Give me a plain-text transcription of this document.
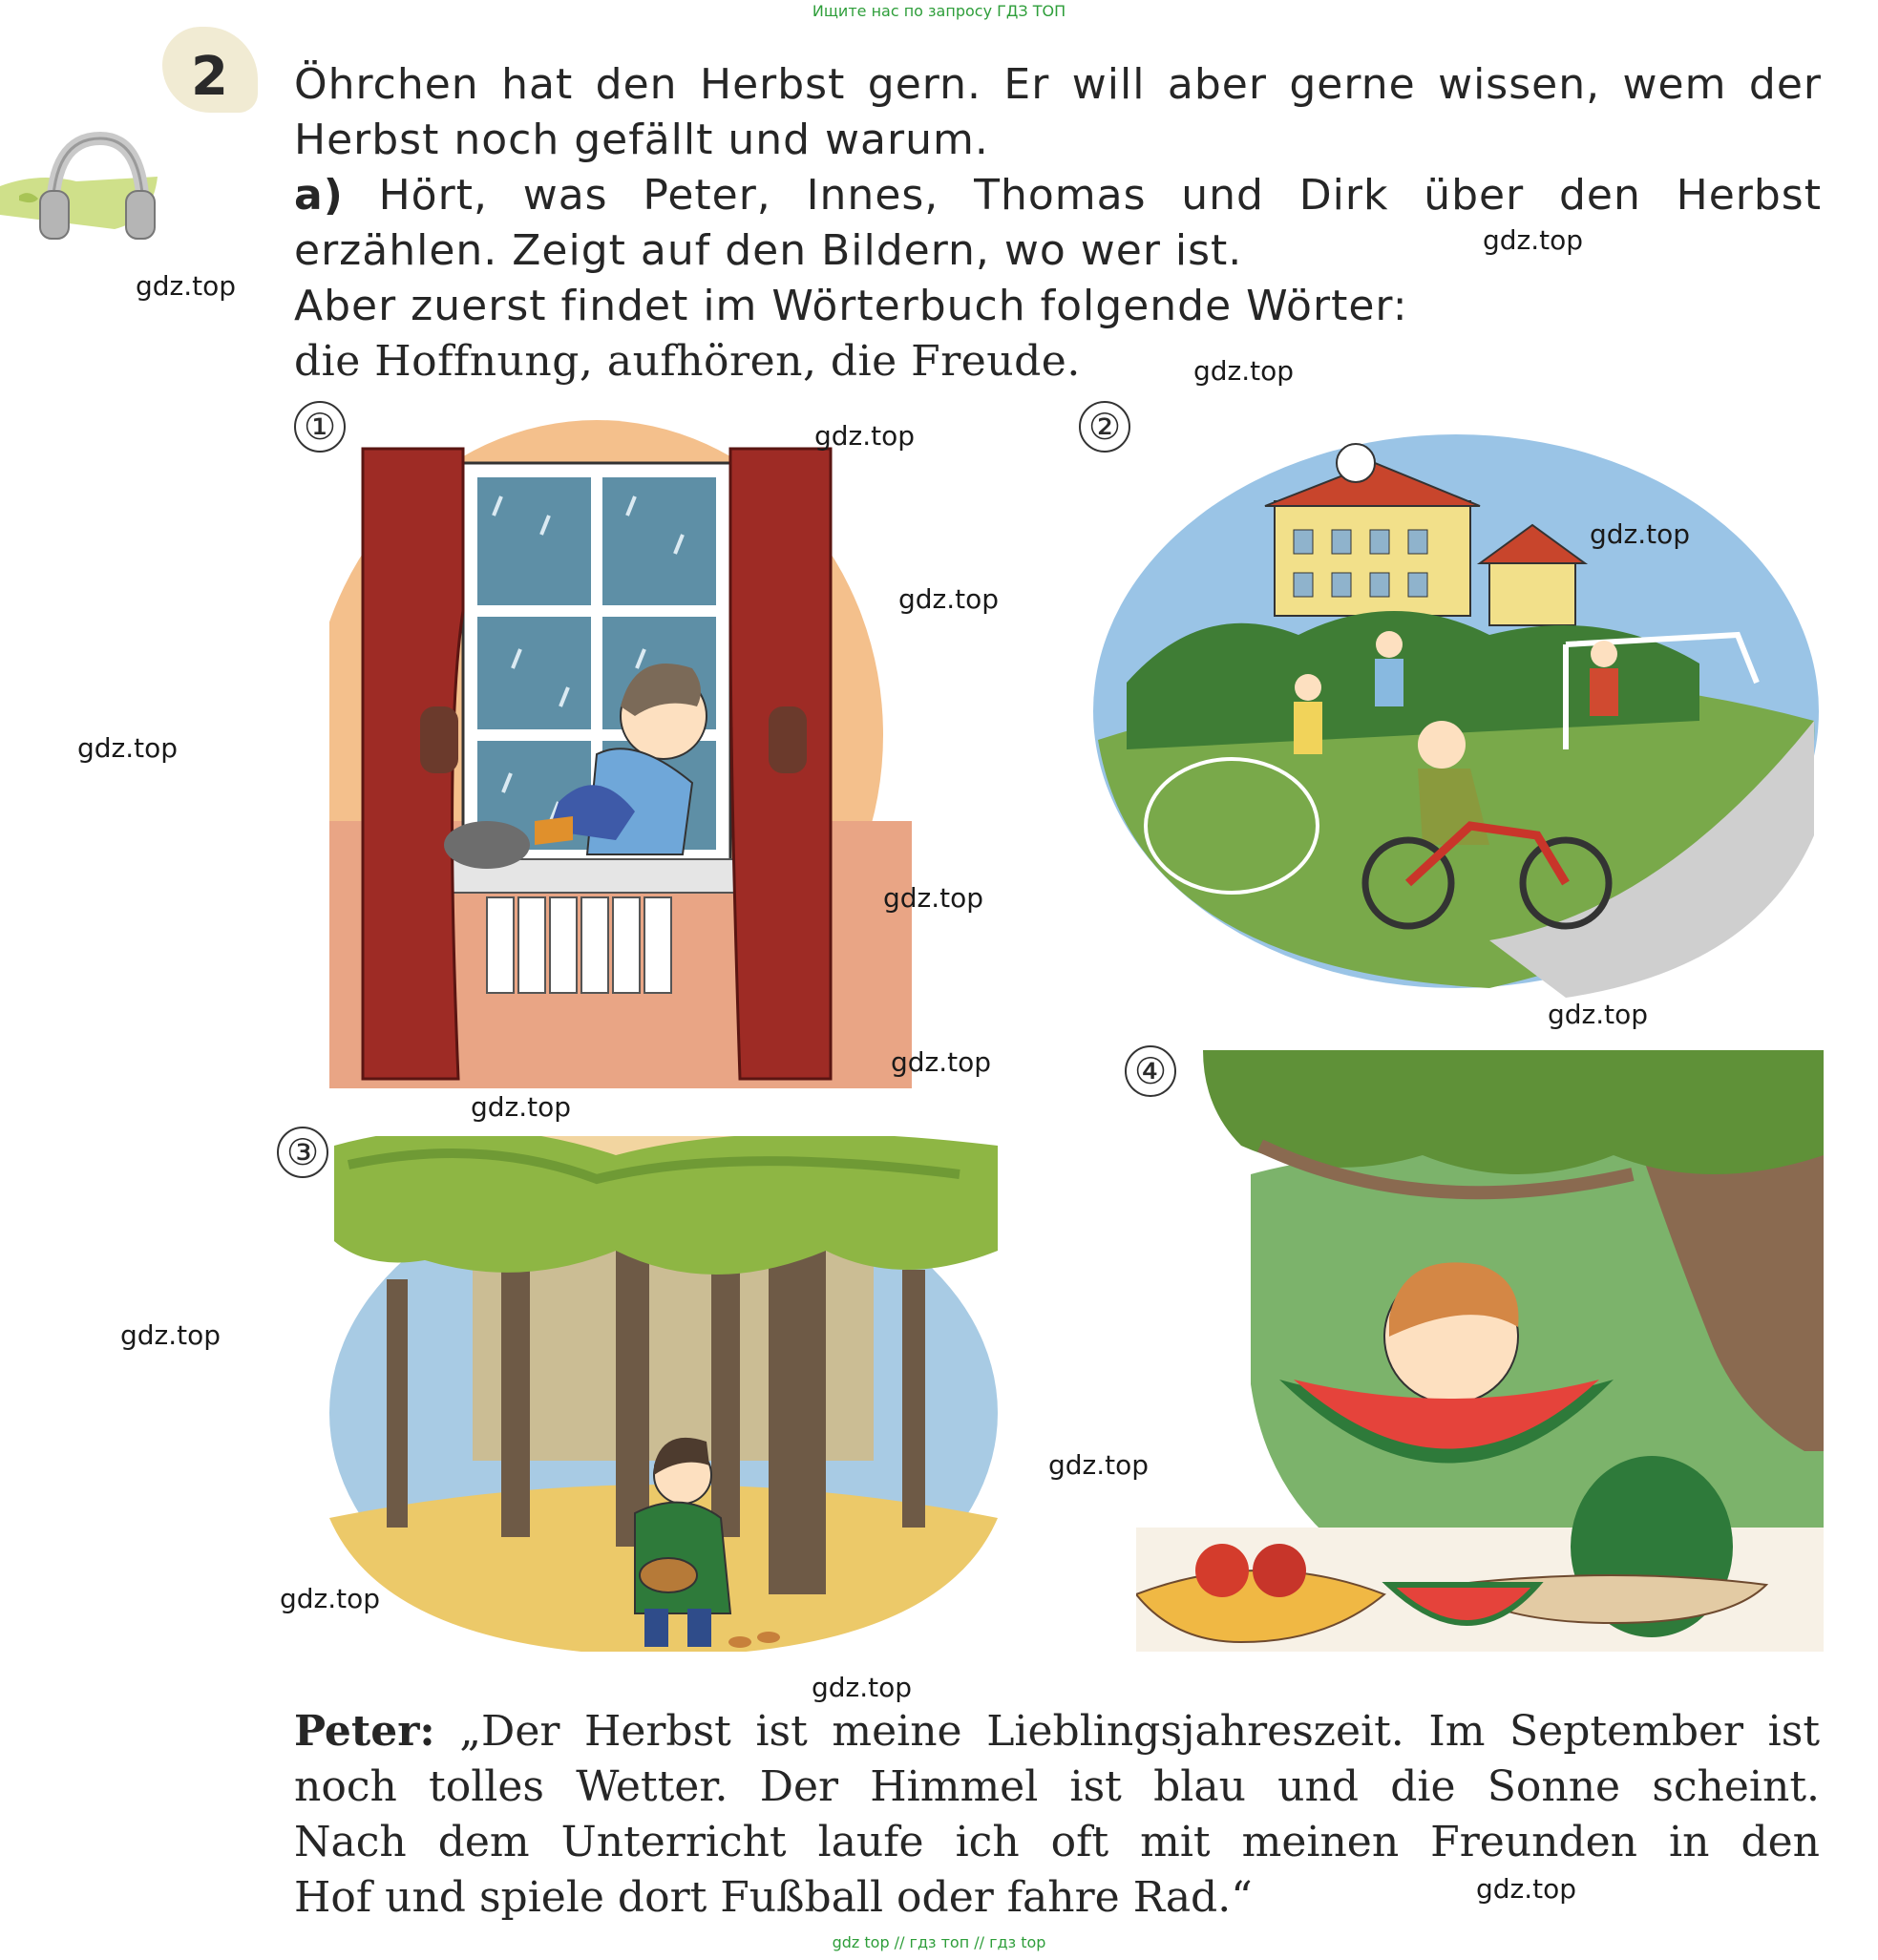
Ищите нас по запросу ГДЗ ТОП
2 Öhrchen hat den Herbst gern. Er will aber gerne wissen, wem der
Herbst noch gefällt und warum.
a) Hört, was Peter, Innes, Thomas und Dirk über den Herbst
erzählen. Zeigt auf den Bildern, wo wer ist.
Aber zuerst findet im Wörterbuch folgende Wörter:
die Hoffnung, aufhören, die Freude.
①	②
③
④
gdz.top
gdz.top
gdz.top
gdz.top
gdz.top
gdz.top
gdz.top
gdz.top
gdz.top
gdz.top
gdz.top
gdz.top
gdz.top
gdz.top
gdz.top
gdz.top
Peter: „Der Herbst ist meine Lieblingsjahreszeit. Im September ist
noch tolles Wetter. Der Himmel ist blau und die Sonne scheint.
Nach dem Unterricht laufe ich oft mit meinen Freunden in den
Hof und spiele dort Fußball oder fahre Rad.“
gdz top // гдз топ // гдз top
